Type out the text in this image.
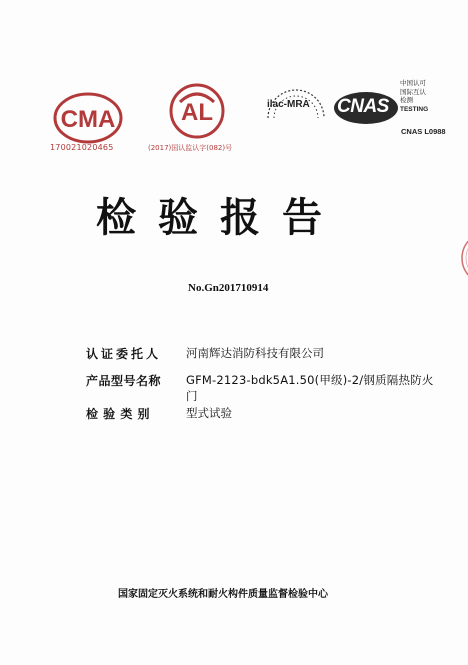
CMA
170021020465
AL
(2017)国认监认字(082)号
ilac-MRA CNAS
中国认可
国际互认
检测
TESTING
CNAS L0988
检验报告
No.Gn201710914
认证委托人 河南辉达消防科技有限公司
产品型号名称 GFM-2123-bdk5A1.50(甲级)-2/钢质隔热防火门
检 验 类 别	型式试验
国家固定灭火系统和耐火构件质量监督检验中心
